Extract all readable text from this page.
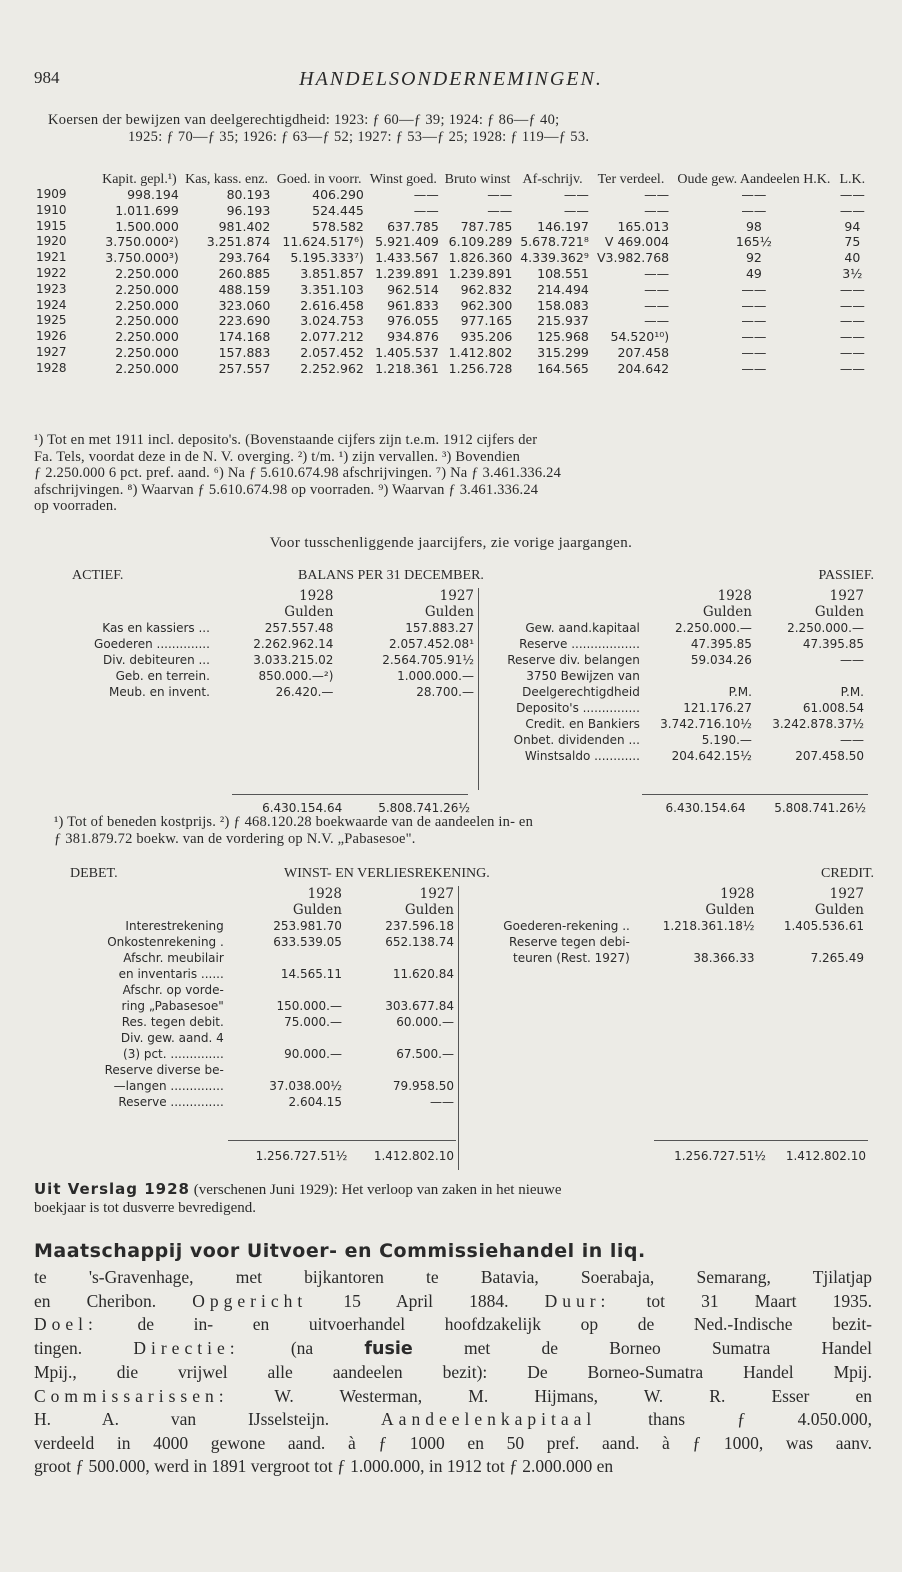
984	HANDELSONDERNEMINGEN.

Koersen der bewijzen van deelgerechtigdheid: 1923: ƒ 60—ƒ 39; 1924: ƒ 86—ƒ 40;

1925: ƒ 70—ƒ 35; 1926: ƒ 63—ƒ 52; 1927: ƒ 53—ƒ 25; 1928: ƒ 119—ƒ 53.

	Kapit. gepl.¹)	Kas, kass. enz.	Goed. in voorr.	Winst goed.	Bruto winst	Af-schrijv.	Ter verdeel.	Oude gew. Aandeelen H.K.	L.K.
1909	998.194	80.193	406.290	——	——	——	——	——	——
1910	1.011.699	96.193	524.445	——	——	——	——	——	——
1915	1.500.000	981.402	578.582	637.785	787.785	146.197	165.013	98	94
1920	3.750.000²)	3.251.874	11.624.517⁶)	5.921.409	6.109.289	5.678.721⁸	V 469.004	165½	75
1921	3.750.000³)	293.764	5.195.333⁷)	1.433.567	1.826.360	4.339.362⁹	V3.982.768	92	40
1922	2.250.000	260.885	3.851.857	1.239.891	1.239.891	108.551	——	49	3½
1923	2.250.000	488.159	3.351.103	962.514	962.832	214.494	——	——	——
1924	2.250.000	323.060	2.616.458	961.833	962.300	158.083	——	——	——
1925	2.250.000	223.690	3.024.753	976.055	977.165	215.937	——	——	——
1926	2.250.000	174.168	2.077.212	934.876	935.206	125.968	54.520¹⁰)	——	——
1927	2.250.000	157.883	2.057.452	1.405.537	1.412.802	315.299	207.458	——	——
1928	2.250.000	257.557	2.252.962	1.218.361	1.256.728	164.565	204.642	——	——

¹) Tot en met 1911 incl. deposito's. (Bovenstaande cijfers zijn t.e.m. 1912 cijfers der

Fa. Tels, voordat deze in de N. V. overging. ²) t/m. ¹) zijn vervallen. ³) Bovendien

ƒ 2.250.000 6 pct. pref. aand. ⁶) Na ƒ 5.610.674.98 afschrijvingen. ⁷) Na ƒ 3.461.336.24

afschrijvingen. ⁸) Waarvan ƒ 5.610.674.98 op voorraden. ⁹) Waarvan ƒ 3.461.336.24

op voorraden.

Voor tusschenliggende jaarcijfers, zie vorige jaargangen.
ACTIEF.	BALANS PER 31 DECEMBER.	PASSIEF.
	1928	1927
	Gulden	Gulden
Kas en kassiers ...	257.557.48	157.883.27
Goederen ..............	2.262.962.14	2.057.452.08¹
Div. debiteuren ...	3.033.215.02	2.564.705.91½
Geb. en terrein.	850.000.—²)	1.000.000.—
Meub. en invent.	26.420.—	28.700.—
	1928	1927
	Gulden	Gulden
Gew. aand.kapitaal	2.250.000.—	2.250.000.—
Reserve ..................	47.395.85	47.395.85
Reserve div. belangen	59.034.26	——
3750 Bewijzen van		
Deelgerechtigdheid	P.M.	P.M.
Deposito's ...............	121.176.27	61.008.54
Credit. en Bankiers	3.742.716.10½	3.242.878.37½
Onbet. dividenden ...	5.190.—	——
Winstsaldo ............	204.642.15½	207.458.50
6.430.154.64	5.808.741.26½	6.430.154.64	5.808.741.26½

¹) Tot of beneden kostprijs. ²) ƒ 468.120.28 boekwaarde van de aandeelen in- en

ƒ 381.879.72 boekw. van de vordering op N.V. „Pabasesoe".

DEBET.	WINST- EN VERLIESREKENING.	CREDIT.
	1928	1927
	Gulden	Gulden
Interestrekening	253.981.70	237.596.18
Onkostenrekening .	633.539.05	652.138.74
Afschr. meubilair		
en inventaris ......	14.565.11	11.620.84
Afschr. op vorde-		
ring „Pabasesoe"	150.000.—	303.677.84
Res. tegen debit.	75.000.—	60.000.—
Div. gew. aand. 4		
(3) pct. ..............	90.000.—	67.500.—
Reserve diverse be-		
—langen ..............	37.038.00½	79.958.50
Reserve ..............	2.604.15	——
	1928	1927
	Gulden	Gulden
Goederen-rekening ..	1.218.361.18½	1.405.536.61
Reserve tegen debi-		
teuren (Rest. 1927)	38.366.33	7.265.49
1.256.727.51½	1.412.802.10	1.256.727.51½	1.412.802.10

Uit Verslag 1928 (verschenen Juni 1929): Het verloop van zaken in het nieuwe

boekjaar is tot dusverre bevredigend.

Maatschappij voor Uitvoer- en Commissiehandel in liq.

te 's-Gravenhage, met bijkantoren te Batavia, Soerabaja, Semarang, Tjilatjap

en Cheribon. Opgericht 15 April 1884. Duur: tot 31 Maart 1935.

Doel: de in- en uitvoerhandel hoofdzakelijk op de Ned.-Indische bezit-

tingen.	Directie:	(na	fusie	met de Borneo Sumatra Handel

Mpij., die vrijwel alle aandeelen bezit): De Borneo-Sumatra Handel Mpij.

Commissarissen:	W. Westerman, M. Hijmans, W. R. Esser en

H. A. van IJsselsteijn.	Aandeelenkapitaal	thans ƒ 4.050.000,

verdeeld in 4000 gewone aand. à ƒ 1000 en 50 pref. aand. à ƒ 1000, was aanv.

groot ƒ 500.000, werd in 1891 vergroot tot ƒ 1.000.000, in 1912 tot ƒ 2.000.000 en
